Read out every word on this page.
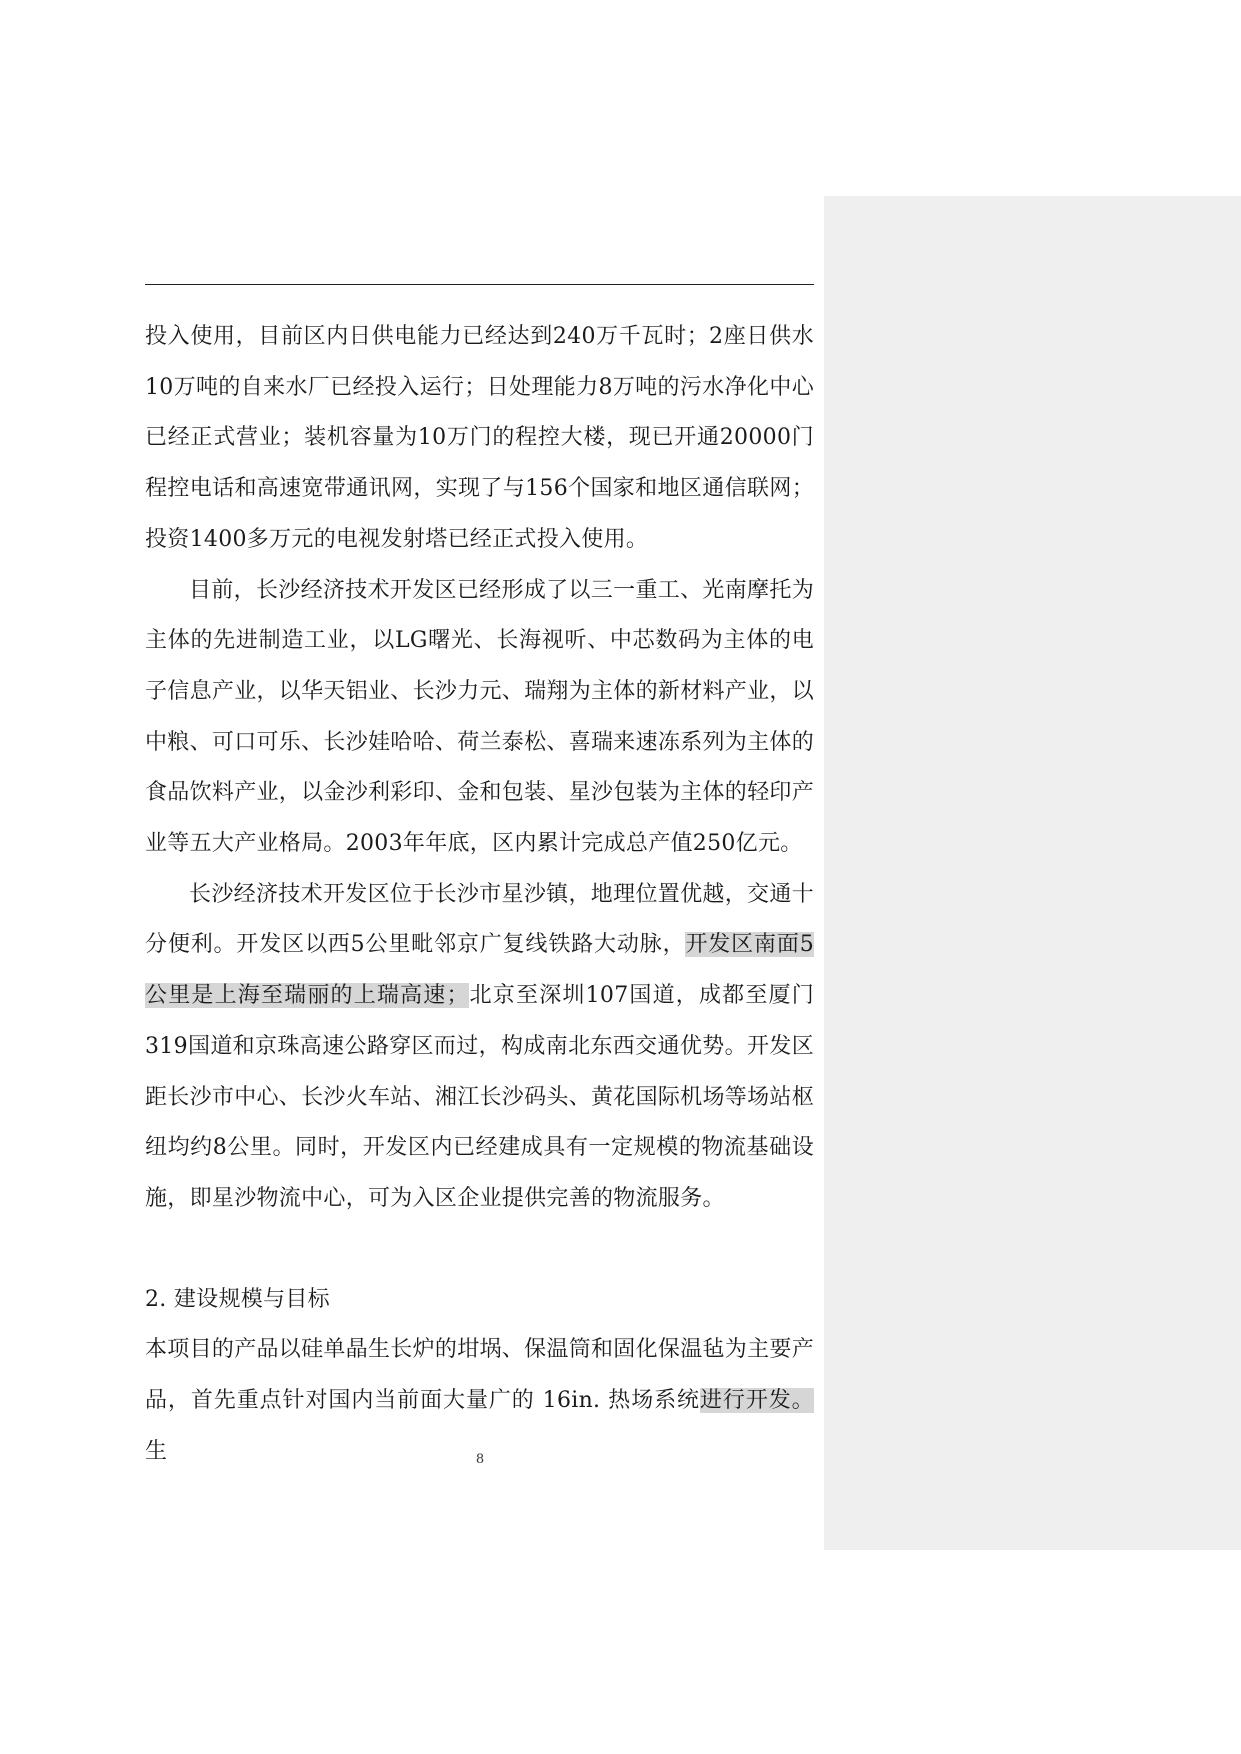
投入使用，目前区内日供电能力已经达到240万千瓦时；2座日供水10万吨的自来水厂已经投入运行；日处理能力8万吨的污水净化中心已经正式营业；装机容量为10万门的程控大楼，现已开通20000门程控电话和高速宽带通讯网，实现了与156个国家和地区通信联网；投资1400多万元的电视发射塔已经正式投入使用。

目前，长沙经济技术开发区已经形成了以三一重工、光南摩托为主体的先进制造工业，以LG曙光、长海视听、中芯数码为主体的电子信息产业，以华天铝业、长沙力元、瑞翔为主体的新材料产业，以中粮、可口可乐、长沙娃哈哈、荷兰泰松、喜瑞来速冻系列为主体的食品饮料产业，以金沙利彩印、金和包装、星沙包装为主体的轻印产业等五大产业格局。2003年年底，区内累计完成总产值250亿元。

长沙经济技术开发区位于长沙市星沙镇，地理位置优越，交通十分便利。开发区以西5公里毗邻京广复线铁路大动脉，开发区南面5公里是上海至瑞丽的上瑞高速；北京至深圳107国道，成都至厦门319国道和京珠高速公路穿区而过，构成南北东西交通优势。开发区距长沙市中心、长沙火车站、湘江长沙码头、黄花国际机场等场站枢纽均约8公里。同时，开发区内已经建成具有一定规模的物流基础设施，即星沙物流中心，可为入区企业提供完善的物流服务。

2. 建设规模与目标

本项目的产品以硅单晶生长炉的坩埚、保温筒和固化保温毡为主要产品，首先重点针对国内当前面大量广的 16in. 热场系统进行开发。生	8
